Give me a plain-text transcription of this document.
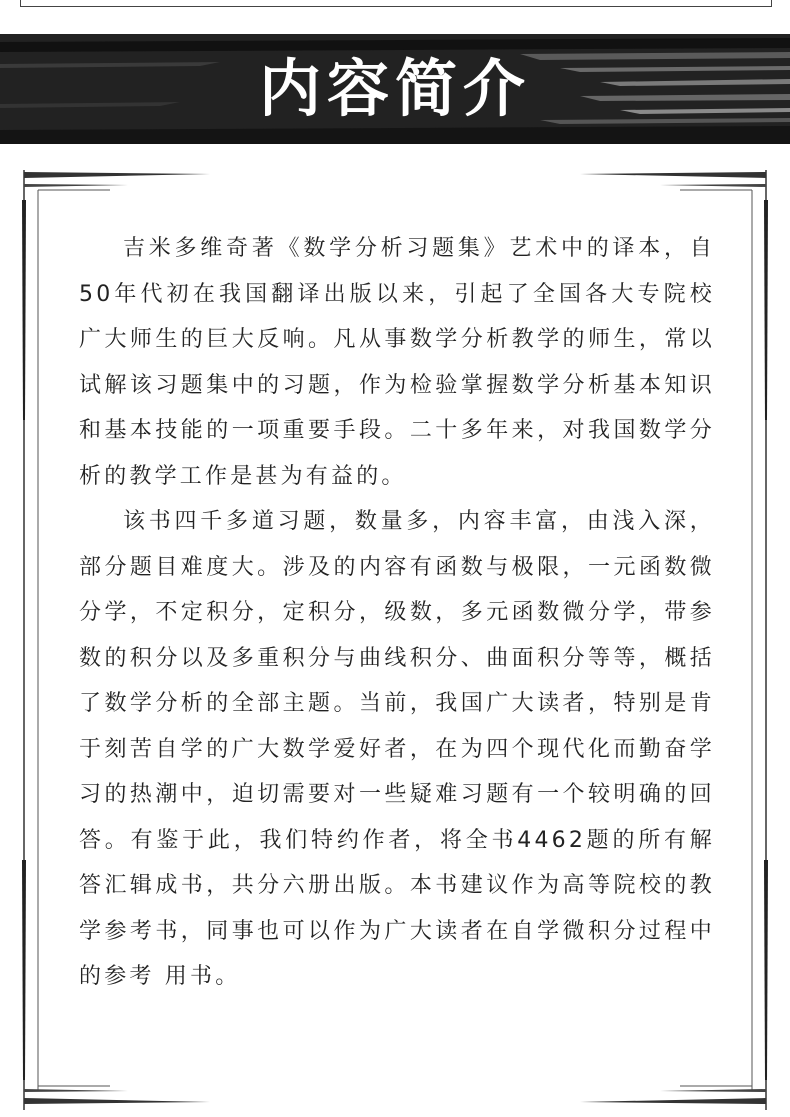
内容简介

吉米多维奇著《数学分析习题集》艺术中的译本，自50年代初在我国翻译出版以来，引起了全国各大专院校广大师生的巨大反响。凡从事数学分析教学的师生，常以试解该习题集中的习题，作为检验掌握数学分析基本知识和基本技能的一项重要手段。二十多年来，对我国数学分析的教学工作是甚为有益的。

该书四千多道习题，数量多，内容丰富，由浅入深，部分题目难度大。涉及的内容有函数与极限，一元函数微分学，不定积分，定积分，级数，多元函数微分学，带参数的积分以及多重积分与曲线积分、曲面积分等等，概括了数学分析的全部主题。当前，我国广大读者，特别是肯于刻苦自学的广大数学爱好者，在为四个现代化而勤奋学习的热潮中，迫切需要对一些疑难习题有一个较明确的回答。有鉴于此，我们特约作者，将全书4462题的所有解答汇辑成书，共分六册出版。本书建议作为高等院校的教学参考书，同事也可以作为广大读者在自学微积分过程中的参考 用书。
